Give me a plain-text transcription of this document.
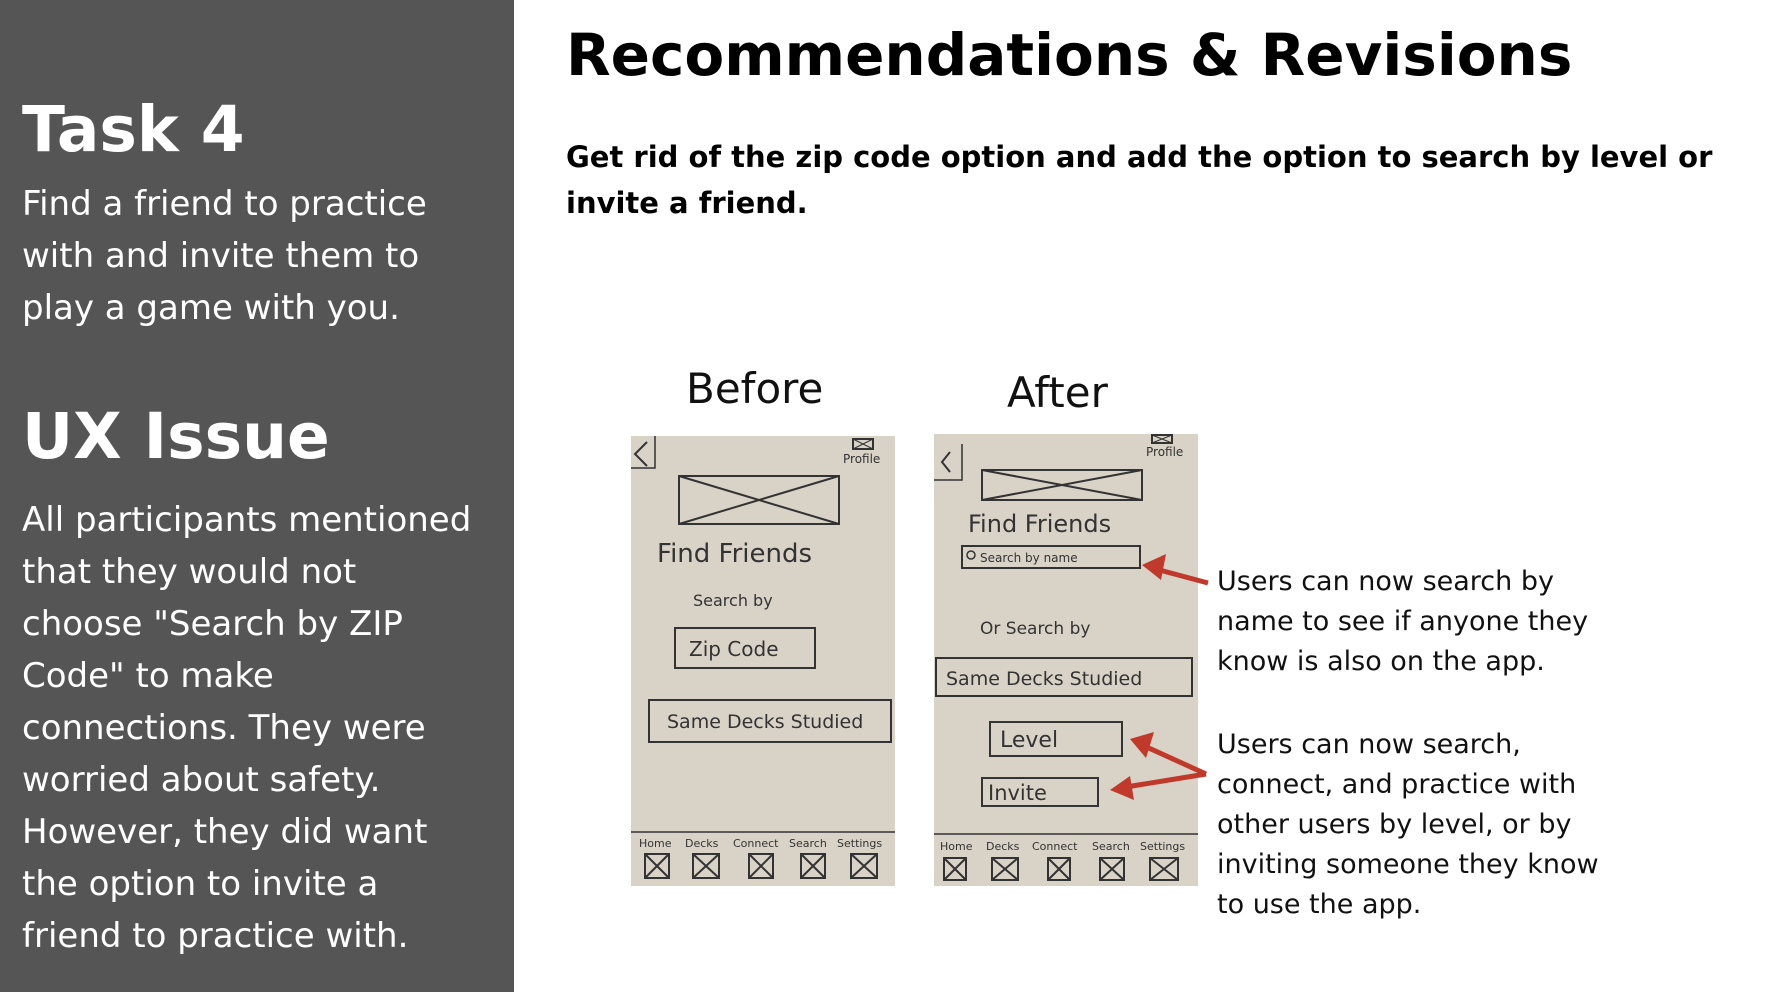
Task 4
Find a friend to practice
with and invite them to
play a game with you.
UX Issue
All participants mentioned
that they would not
choose "Search by ZIP
Code" to make
connections. They were
worried about safety.
However, they did want
the option to invite a
friend to practice with.
Recommendations & Revisions

Get rid of the zip code option and add the option to search by level or invite a friend.

Before	After
Profile
Find Friends
Search by
Zip Code
Same Decks Studied
Home Decks Connect Search Settings
Profile
Find Friends
Search by name
Or Search by
Same Decks Studied
Level
Invite
Home Decks Connect Search Settings
Users can now search by
name to see if anyone they
know is also on the app.
Users can now search,
connect, and practice with
other users by level, or by
inviting someone they know
to use the app.
